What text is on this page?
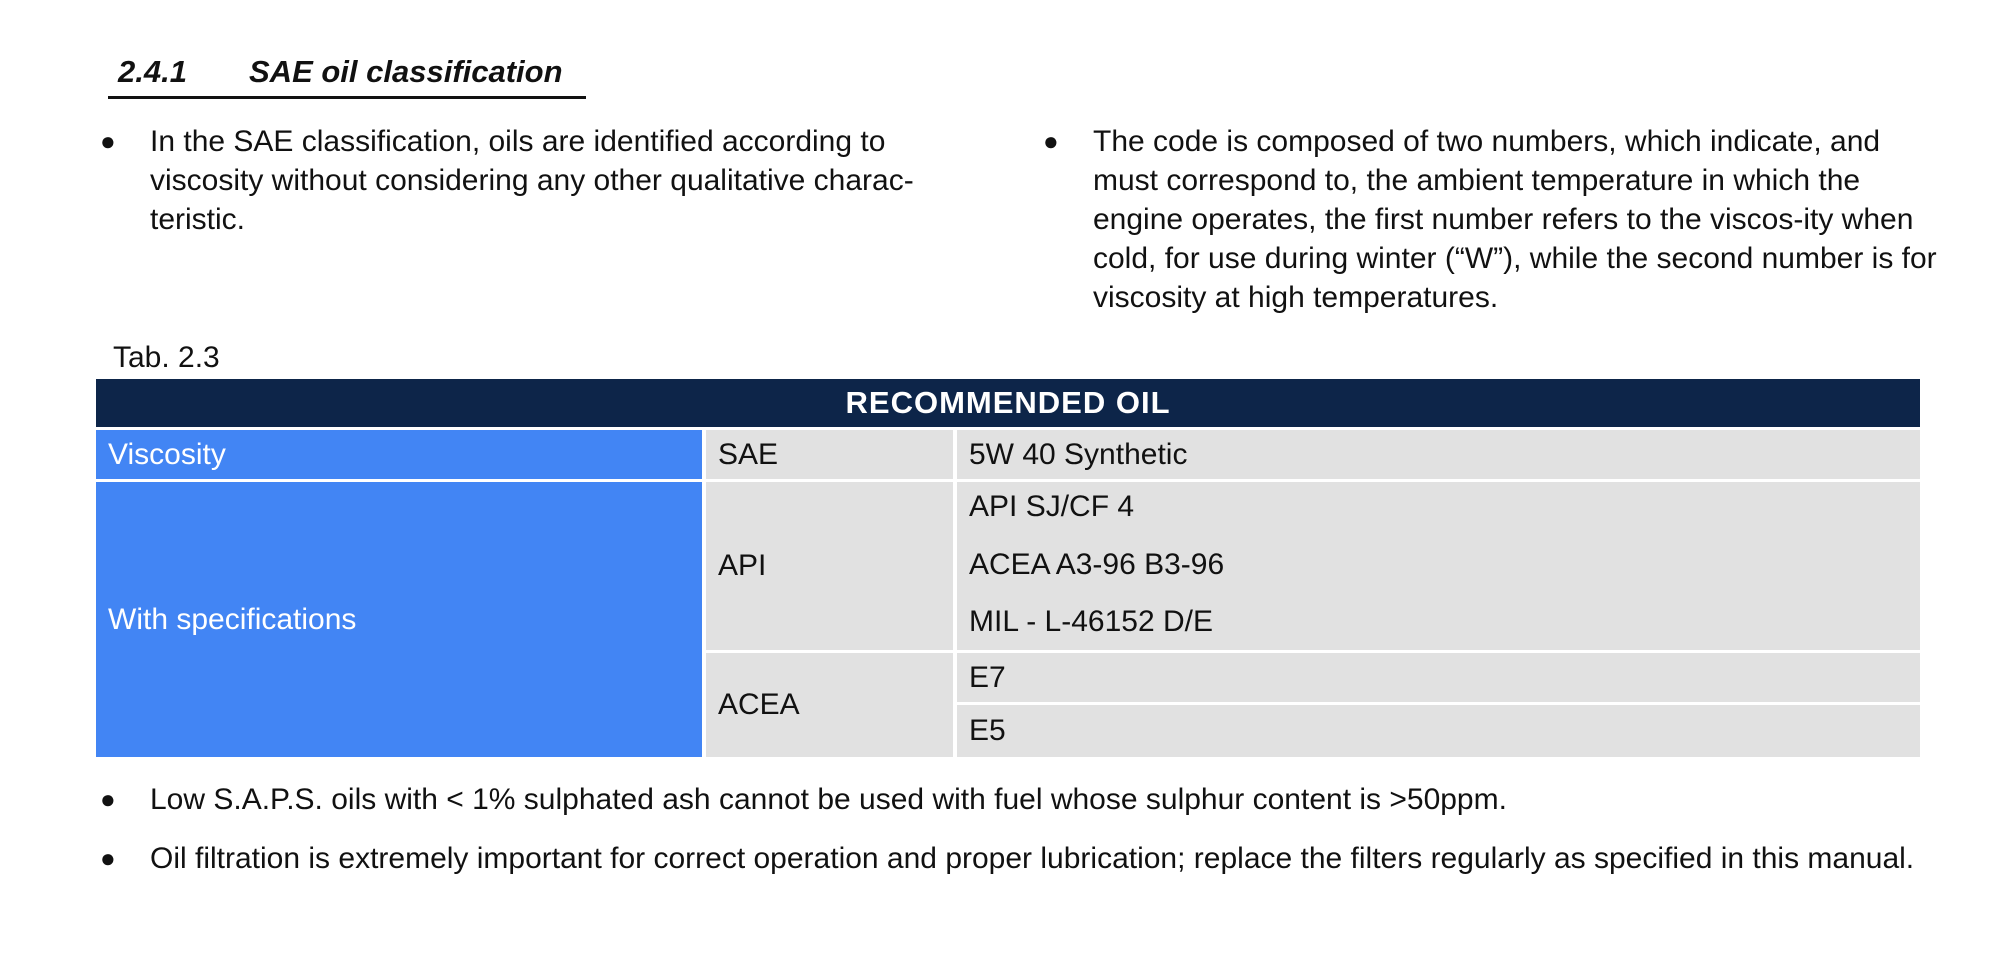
2.4.1 SAE oil classification
●	In the SAE classification, oils are identified according to viscosity without considering any other qualitative charac-teristic.
●	The code is composed of two numbers, which indicate, and must correspond to, the ambient temperature in which the engine operates, the first number refers to the viscos-ity when cold, for use during winter (“W”), while the second number is for viscosity at high temperatures.
Tab. 2.3
RECOMMENDED OIL		
Viscosity	SAE	5W 40 Synthetic
With specifications	API	API SJ/CF 4
ACEA A3-96 B3-96
MIL - L-46152 D/E

	ACEA	E7
		E5
●	Low S.A.P.S. oils with < 1% sulphated ash cannot be used with fuel whose sulphur content is >50ppm.
●	Oil filtration is extremely important for correct operation and proper lubrication; replace the filters regularly as specified in this manual.
